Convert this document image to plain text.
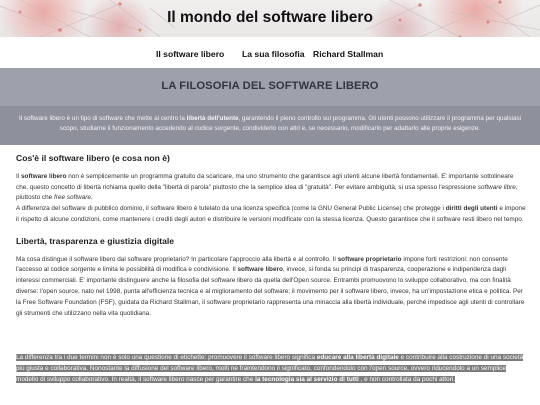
Il mondo del software libero
Il software libero La sua filosofia Richard Stallman
LA FILOSOFIA DEL SOFTWARE LIBERO
Il software libero è un tipo di software che mette al centro la libertà dell'utente, garantendo il pieno controllo sul programma. Gli utenti possono utilizzare il programma per qualsiasi scopo, studiarne il funzionamento accedendo al codice sorgente, condividerlo con altri e, se necessario, modificarlo per adattarlo alle proprie esigenze.
Cos'è il software libero (e cosa non è)

Il software libero non è semplicemente un programma gratuito da scaricare, ma uno strumento che garantisce agli utenti alcune libertà fondamentali. E' importante sottolineare che, questo concetto di libertà richiama quello della "libertà di parola" piuttosto che la semplice idea di "gratuità". Per evitare ambiguità, si usa spesso l'espressione software libre, piuttosto che free software.

A differenza del software di pubblico dominio, il software libero è tutelato da una licenza specifica (come la GNU General Public License) che protegge i diritti degli utenti e impone il rispetto di alcune condizioni, come mantenere i crediti degli autori e distribuire le versioni modificate con la stessa licenza. Questo garantisce che il software resti libero nel tempo.

Libertà, trasparenza e giustizia digitale

Ma cosa distingue il software libero dal software proprietario? In particolare l'approccio alla libertà e al controllo. Il software proprietario impone forti restrizioni: non consente l'accesso al codice sorgente e limita le possibilità di modifica e condivisione. Il software libero, invece, si fonda su principi di trasparenza, cooperazione e indipendenza dagli interessi commerciali. E' importante distinguere anche la filosofia del software libero da quella dell'Open source. Entrambi promuovono lo sviluppo collaborativo, ma con finalità diverse: l'open source, nato nel 1998, punta all'efficienza tecnica e al miglioramento del software; il movimento per il software libero, invece, ha un'impostazione etica e politica. Per la Free Software Foundation (FSF), guidata da Richard Stallman, il software proprietario rappresenta una minaccia alla libertà individuale, perché impedisce agli utenti di controllare gli strumenti che utilizzano nella vita quotidiana.

La differenza tra i due termini non è solo una questione di etichette: promuovere il software libero significa educare alla libertà digitale e contribuire alla costruzione di una società più giusta e collaborativa. Nonostante la diffusione del software libero, molti ne fraintendono il significato, confondendolo con l'open source, ovvero riducendolo a un semplice modello di sviluppo collaborativo. In realtà, il software libero nasce per garantire che la tecnologia sia al servizio di tutti , e non controllata da pochi attori.
